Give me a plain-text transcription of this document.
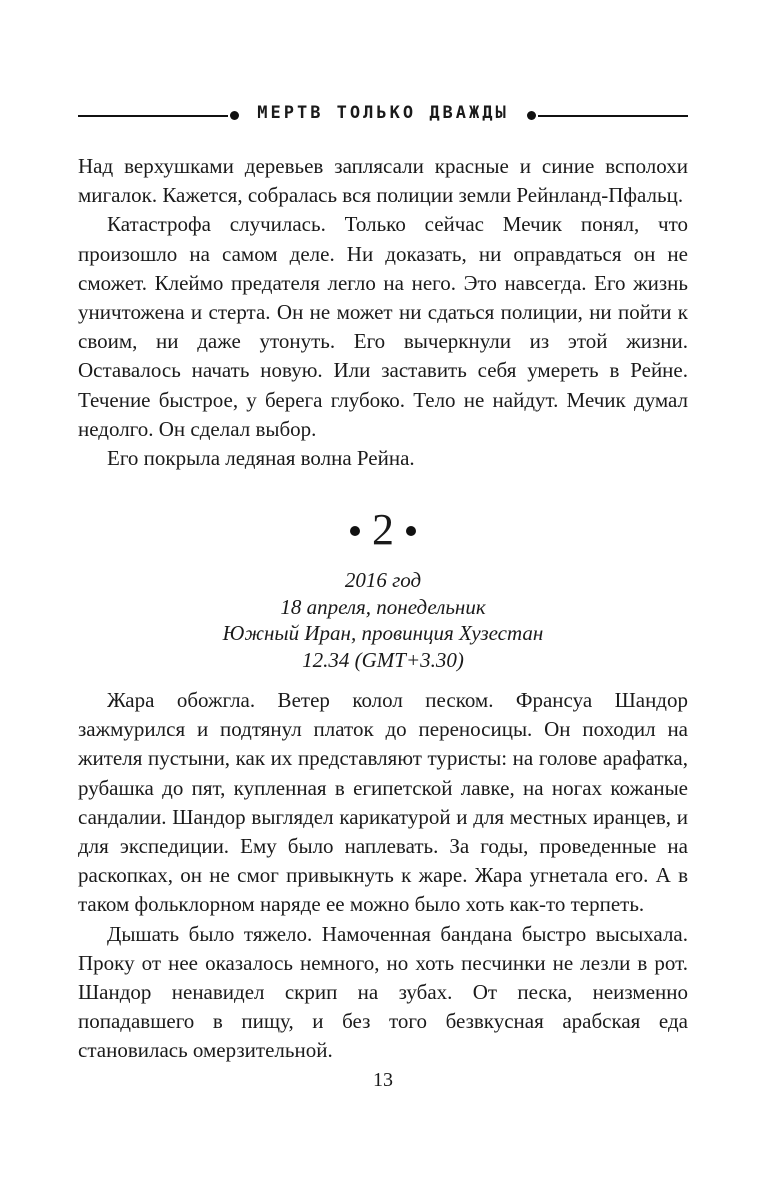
МЕРТВ ТОЛЬКО ДВАЖДЫ

Над верхушками деревьев заплясали красные и синие всполохи мигалок. Кажется, собралась вся полиции земли Рейнланд-Пфальц.

Катастрофа случилась. Только сейчас Мечик понял, что произошло на самом деле. Ни доказать, ни оправдаться он не сможет. Клеймо предателя легло на него. Это навсегда. Его жизнь уничтожена и стерта. Он не может ни сдаться полиции, ни пойти к своим, ни даже утонуть. Его вычеркнули из этой жизни. Оставалось начать новую. Или заставить себя умереть в Рейне. Течение быстрое, у берега глубоко. Тело не найдут. Мечик думал недолго. Он сделал выбор.

Его покрыла ледяная волна Рейна.

2
2016 год
18 апреля, понедельник
Южный Иран, провинция Хузестан
12.34 (GMT+3.30)

Жара обожгла. Ветер колол песком. Франсуа Шандор зажмурился и подтянул платок до переносицы. Он походил на жителя пустыни, как их представляют туристы: на голове арафатка, рубашка до пят, купленная в египетской лавке, на ногах кожаные сандалии. Шандор выглядел карикатурой и для местных иранцев, и для экспедиции. Ему было наплевать. За годы, проведенные на раскопках, он не смог привыкнуть к жаре. Жара угнетала его. А в таком фольклорном наряде ее можно было хоть как-то терпеть.

Дышать было тяжело. Намоченная бандана быстро высыхала. Проку от нее оказалось немного, но хоть песчинки не лезли в рот. Шандор ненавидел скрип на зубах. От песка, неизменно попадавшего в пищу, и без того безвкусная арабская еда становилась омерзительной.

13
